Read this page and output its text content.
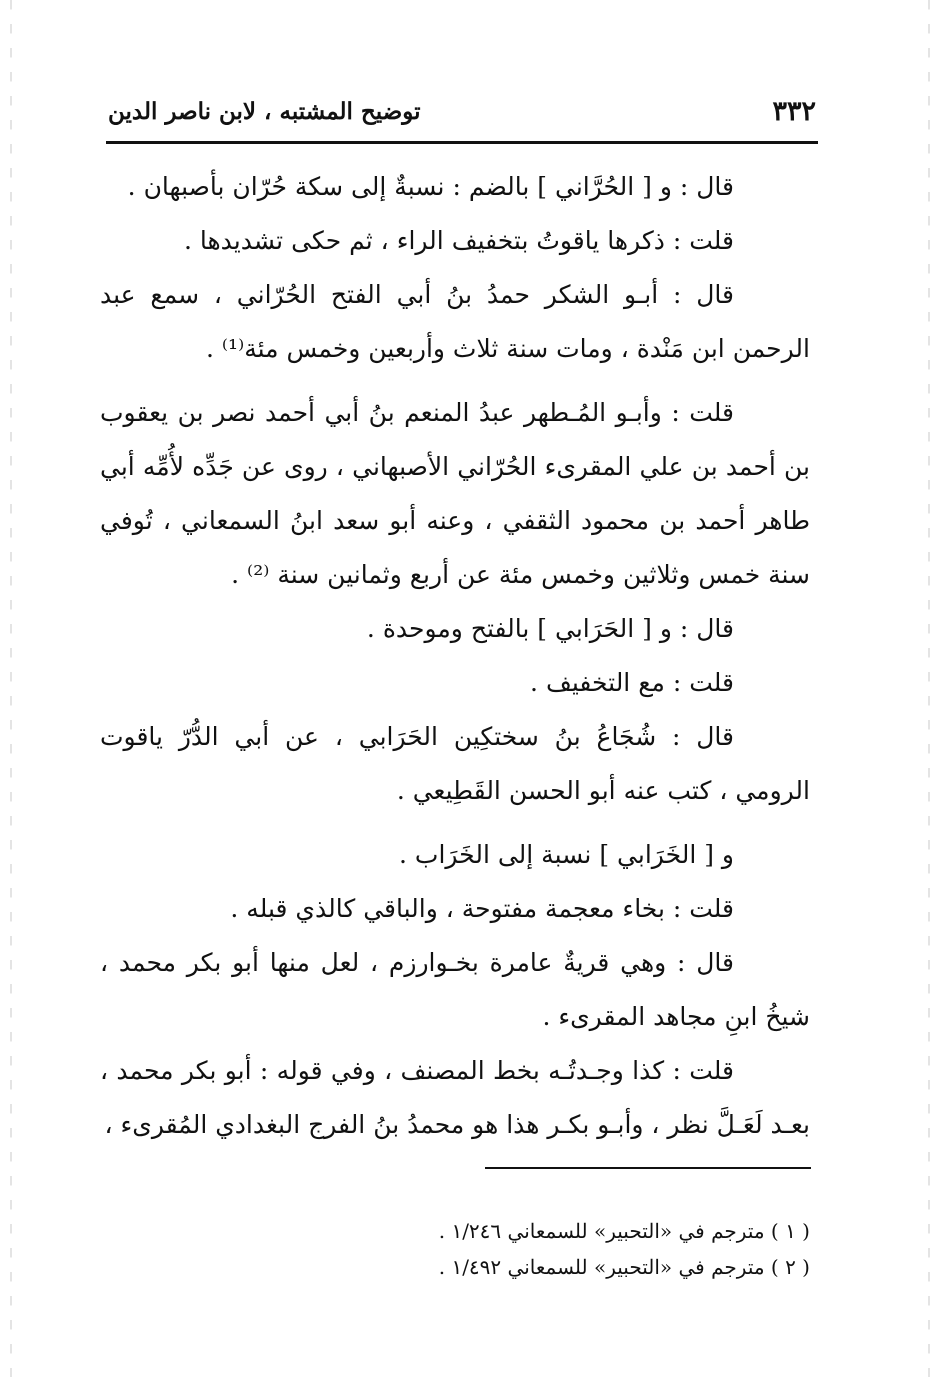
٣٣٢
توضيح المشتبه ، لابن ناصر الدين

قال : و [ الحُرَّاني ] بالضم : نسبةٌ إلى سكة حُرّان بأصبهان .

قلت : ذكرها ياقوتُ بتخفيف الراء ، ثم حكى تشديدها .

قال : أبـو الشكر حمدُ بنُ أبي الفتح الحُرّاني ، سمع عبد الرحمن ابن مَنْدة ، ومات سنة ثلاث وأربعين وخمس مئة⁽¹⁾ .

قلت : وأبـو المُـطهر عبدُ المنعم بنُ أبي أحمد نصر بن يعقوب بن أحمد بن علي المقرىء الحُرّاني الأصبهاني ، روى عن جَدِّه لأُمِّه أبي طاهر أحمد بن محمود الثقفي ، وعنه أبو سعد ابنُ السمعاني ، تُوفي سنة خمس وثلاثين وخمس مئة عن أربع وثمانين سنة ⁽²⁾ .

قال : و [ الحَرَابي ] بالفتح وموحدة .

قلت : مع التخفيف .

قال : شُجَاعُ بنُ سختكِين الحَرَابي ، عن أبي الدُّرّ ياقوت الرومي ، كتب عنه أبو الحسن القَطِيعي .

و [ الخَرَابي ] نسبة إلى الخَرَاب .

قلت : بخاء معجمة مفتوحة ، والباقي كالذي قبله .

قال : وهي قريةٌ عامرة بخـوارزم ، لعل منها أبو بكر محمد ، شيخُ ابنِ مجاهد المقرىء .

قلت : كذا وجـدتُـه بخط المصنف ، وفي قوله : أبو بكر محمد ، بعـد لَعَـلَّ نظر ، وأبـو بكـر هذا هو محمدُ بنُ الفرج البغدادي المُقرىء ،

( ١ ) مترجم في «التحبير» للسمعاني ١/٢٤٦ .

( ٢ ) مترجم في «التحبير» للسمعاني ١/٤٩٢ .
